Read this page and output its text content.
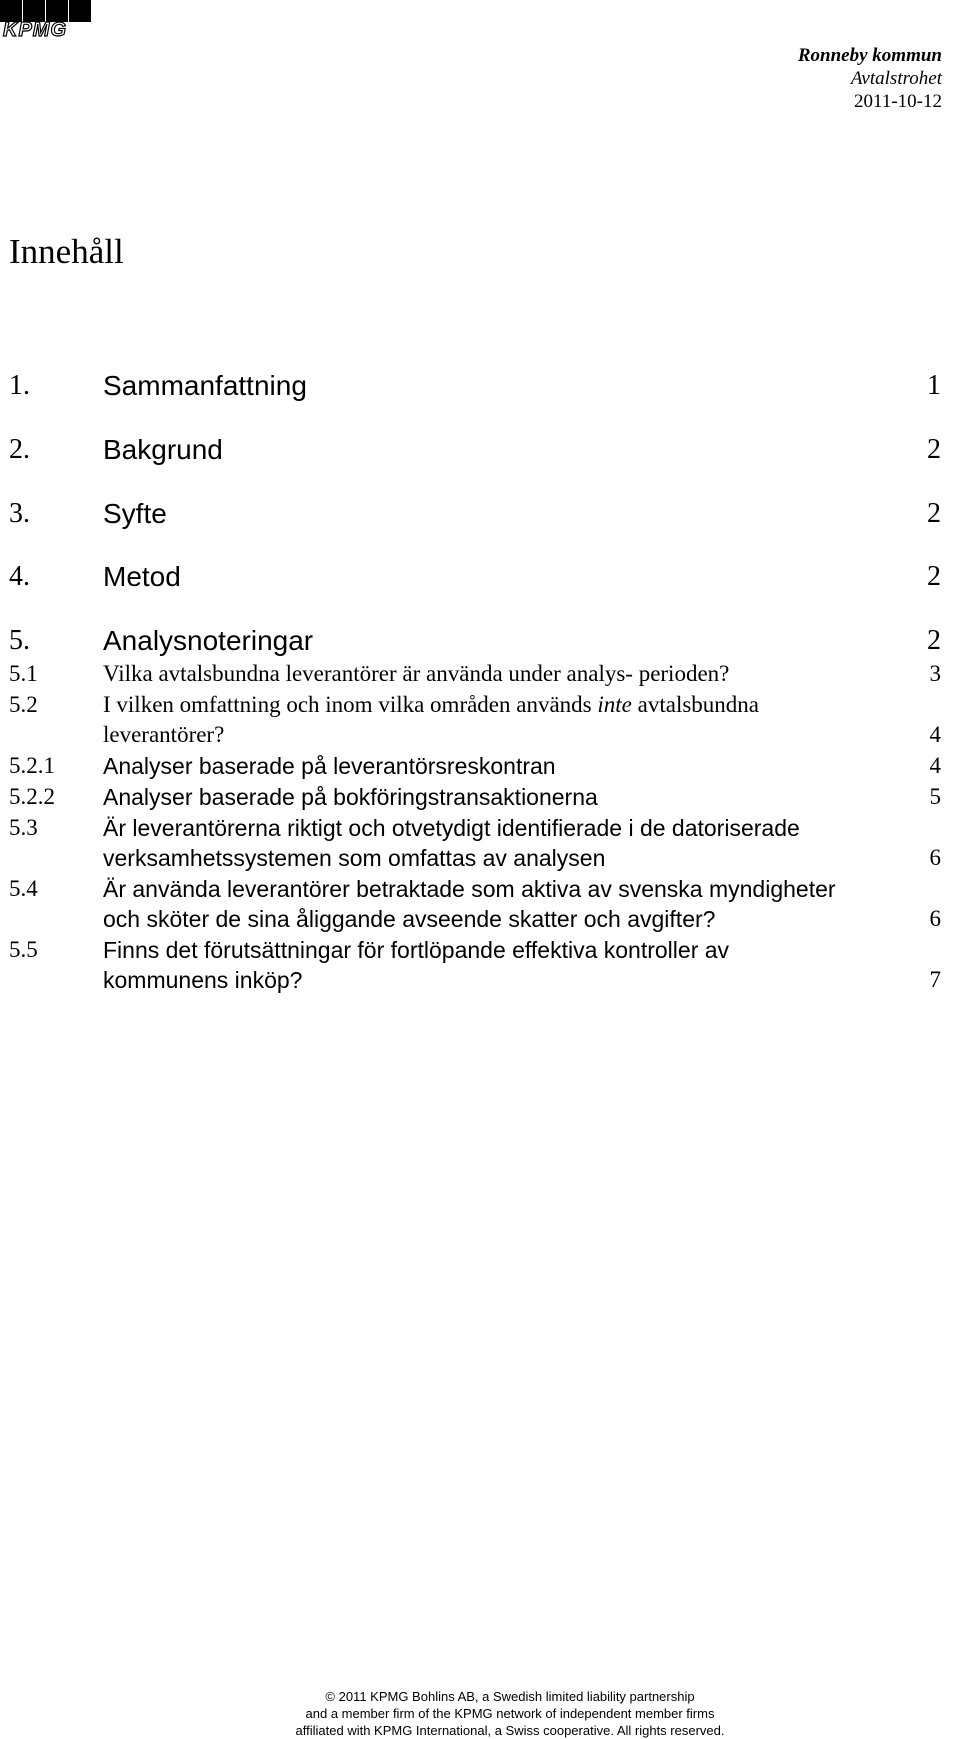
KPMG
Ronneby kommun
Avtalstrohet
2011-10-12
Innehåll
1.	Sammanfattning	1
2.	Bakgrund	2
3.	Syfte	2
4.	Metod	2
5.	Analysnoteringar	2
5.1	Vilka avtalsbundna leverantörer är använda under analys- perioden?	3
5.2	I vilken omfattning och inom vilka områden används inte avtalsbundna
leverantörer?	4
5.2.1 Analyser baserade på leverantörsreskontran	4
5.2.2 Analyser baserade på bokföringstransaktionerna	5
5.3	Är leverantörerna riktigt och otvetydigt identifierade i de datoriserade
verksamhetssystemen som omfattas av analysen	6
5.4	Är använda leverantörer betraktade som aktiva av svenska myndigheter
och sköter de sina åliggande avseende skatter och avgifter?	6
5.5	Finns det förutsättningar för fortlöpande effektiva kontroller av
kommunens inköp?	7
© 2011 KPMG Bohlins AB, a Swedish limited liability partnership
and a member firm of the KPMG network of independent member firms
affiliated with KPMG International, a Swiss cooperative. All rights reserved.
